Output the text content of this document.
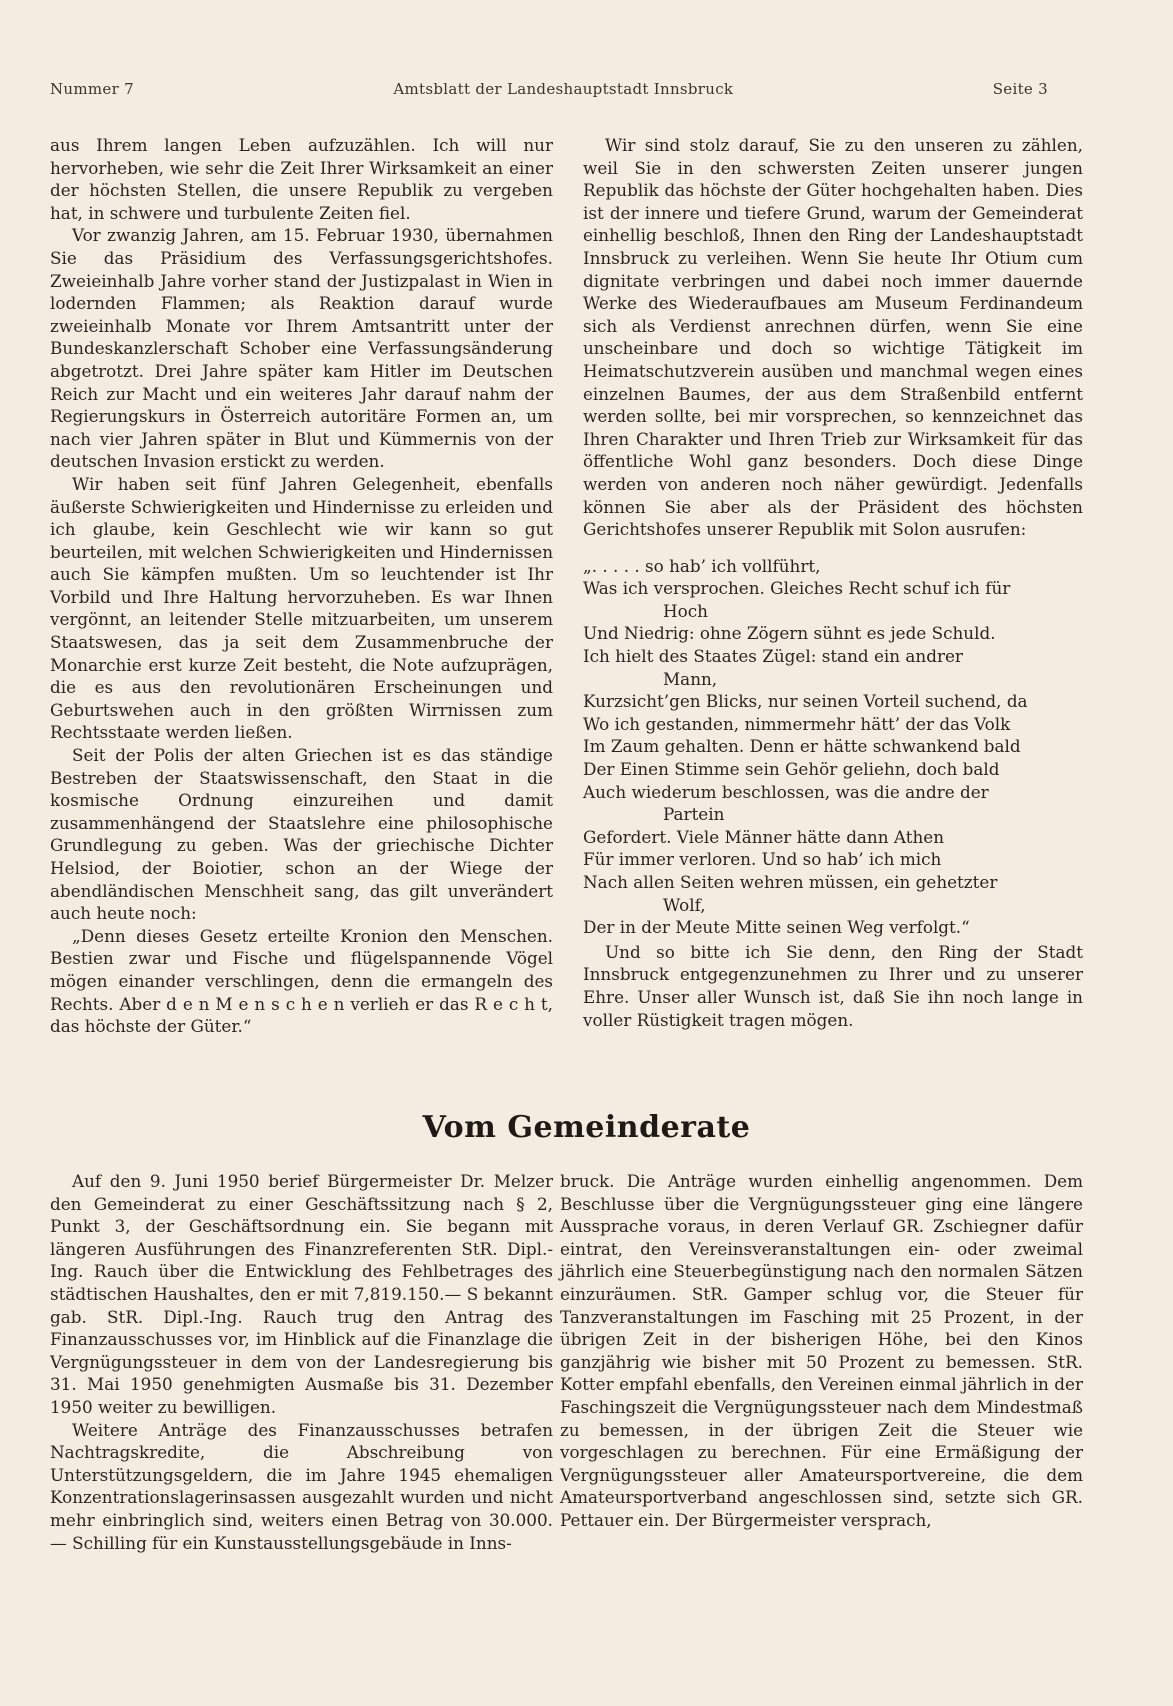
Nummer 7	Amtsblatt der Landeshauptstadt Innsbruck	Seite 3

aus Ihrem langen Leben aufzuzählen. Ich will nur hervorheben, wie sehr die Zeit Ihrer Wirksamkeit an einer der höchsten Stellen, die unsere Republik zu vergeben hat, in schwere und turbulente Zeiten fiel.

Vor zwanzig Jahren, am 15. Februar 1930, übernahmen Sie das Präsidium des Verfassungsgerichtshofes. Zweieinhalb Jahre vorher stand der Justizpalast in Wien in lodernden Flammen; als Reaktion darauf wurde zweieinhalb Monate vor Ihrem Amtsantritt unter der Bundeskanzlerschaft Schober eine Verfassungsänderung abgetrotzt. Drei Jahre später kam Hitler im Deutschen Reich zur Macht und ein weiteres Jahr darauf nahm der Regierungskurs in Österreich autoritäre Formen an, um nach vier Jahren später in Blut und Kümmernis von der deutschen Invasion erstickt zu werden.

Wir haben seit fünf Jahren Gelegenheit, ebenfalls äußerste Schwierigkeiten und Hindernisse zu erleiden und ich glaube, kein Geschlecht wie wir kann so gut beurteilen, mit welchen Schwierigkeiten und Hindernissen auch Sie kämpfen mußten. Um so leuchtender ist Ihr Vorbild und Ihre Haltung hervorzuheben. Es war Ihnen vergönnt, an leitender Stelle mitzuarbeiten, um unserem Staatswesen, das ja seit dem Zusammenbruche der Monarchie erst kurze Zeit besteht, die Note aufzuprägen, die es aus den revolutionären Erscheinungen und Geburtswehen auch in den größten Wirrnissen zum Rechtsstaate werden ließen.

Seit der Polis der alten Griechen ist es das ständige Bestreben der Staatswissenschaft, den Staat in die kosmische Ordnung einzureihen und damit zusammenhängend der Staatslehre eine philosophische Grundlegung zu geben. Was der griechische Dichter Helsiod, der Boiotier, schon an der Wiege der abendländischen Menschheit sang, das gilt unverändert auch heute noch:

„Denn dieses Gesetz erteilte Kronion den Menschen. Bestien zwar und Fische und flügelspannende Vögel mögen einander verschlingen, denn die ermangeln des Rechts. Aber d e n M e n s c h e n verlieh er das R e c h t, das höchste der Güter.“

Wir sind stolz darauf, Sie zu den unseren zu zählen, weil Sie in den schwersten Zeiten unserer jungen Republik das höchste der Güter hochgehalten haben. Dies ist der innere und tiefere Grund, warum der Gemeinderat einhellig beschloß, Ihnen den Ring der Landeshauptstadt Innsbruck zu verleihen. Wenn Sie heute Ihr Otium cum dignitate verbringen und dabei noch immer dauernde Werke des Wiederaufbaues am Museum Ferdinandeum sich als Verdienst anrechnen dürfen, wenn Sie eine unscheinbare und doch so wichtige Tätigkeit im Heimatschutzverein ausüben und manchmal wegen eines einzelnen Baumes, der aus dem Straßenbild entfernt werden sollte, bei mir vorsprechen, so kennzeichnet das Ihren Charakter und Ihren Trieb zur Wirksamkeit für das öffentliche Wohl ganz besonders. Doch diese Dinge werden von anderen noch näher gewürdigt. Jedenfalls können Sie aber als der Präsident des höchsten Gerichtshofes unserer Republik mit Solon ausrufen:

„. . . . . so hab’ ich vollführt,
Was ich versprochen. Gleiches Recht schuf ich für
Hoch
Und Niedrig: ohne Zögern sühnt es jede Schuld.
Ich hielt des Staates Zügel: stand ein andrer
Mann,
Kurzsicht’gen Blicks, nur seinen Vorteil suchend, da
Wo ich gestanden, nimmermehr hätt’ der das Volk
Im Zaum gehalten. Denn er hätte schwankend bald
Der Einen Stimme sein Gehör geliehn, doch bald
Auch wiederum beschlossen, was die andre der
Partein
Gefordert. Viele Männer hätte dann Athen
Für immer verloren. Und so hab’ ich mich
Nach allen Seiten wehren müssen, ein gehetzter
Wolf,
Der in der Meute Mitte seinen Weg verfolgt.“

Und so bitte ich Sie denn, den Ring der Stadt Innsbruck entgegenzunehmen zu Ihrer und zu unserer Ehre. Unser aller Wunsch ist, daß Sie ihn noch lange in voller Rüstigkeit tragen mögen.

Vom Gemeinderate

Auf den 9. Juni 1950 berief Bürgermeister Dr. Melzer den Gemeinderat zu einer Geschäftssitzung nach § 2, Punkt 3, der Geschäftsordnung ein. Sie begann mit längeren Ausführungen des Finanzreferenten StR. Dipl.-Ing. Rauch über die Entwicklung des Fehlbetrages des städtischen Haushaltes, den er mit 7,819.150.— S bekannt gab. StR. Dipl.-Ing. Rauch trug den Antrag des Finanzausschusses vor, im Hinblick auf die Finanzlage die Vergnügungssteuer in dem von der Landesregierung bis 31. Mai 1950 genehmigten Ausmaße bis 31. Dezember 1950 weiter zu bewilligen.

Weitere Anträge des Finanzausschusses betrafen Nachtragskredite, die Abschreibung von Unterstützungsgeldern, die im Jahre 1945 ehemaligen Konzentrationslagerinsassen ausgezahlt wurden und nicht mehr einbringlich sind, weiters einen Betrag von 30.000.— Schilling für ein Kunstausstellungsgebäude in Inns-

bruck. Die Anträge wurden einhellig angenommen. Dem Beschlusse über die Vergnügungssteuer ging eine längere Aussprache voraus, in deren Verlauf GR. Zschiegner dafür eintrat, den Vereinsveranstaltungen ein- oder zweimal jährlich eine Steuerbegünstigung nach den normalen Sätzen einzuräumen. StR. Gamper schlug vor, die Steuer für Tanzveranstaltungen im Fasching mit 25 Prozent, in der übrigen Zeit in der bisherigen Höhe, bei den Kinos ganzjährig wie bisher mit 50 Prozent zu bemessen. StR. Kotter empfahl ebenfalls, den Vereinen einmal jährlich in der Faschingszeit die Vergnügungssteuer nach dem Mindestmaß zu bemessen, in der übrigen Zeit die Steuer wie vorgeschlagen zu berechnen. Für eine Ermäßigung der Vergnügungssteuer aller Amateursportvereine, die dem Amateursportverband angeschlossen sind, setzte sich GR. Pettauer ein. Der Bürgermeister versprach,
